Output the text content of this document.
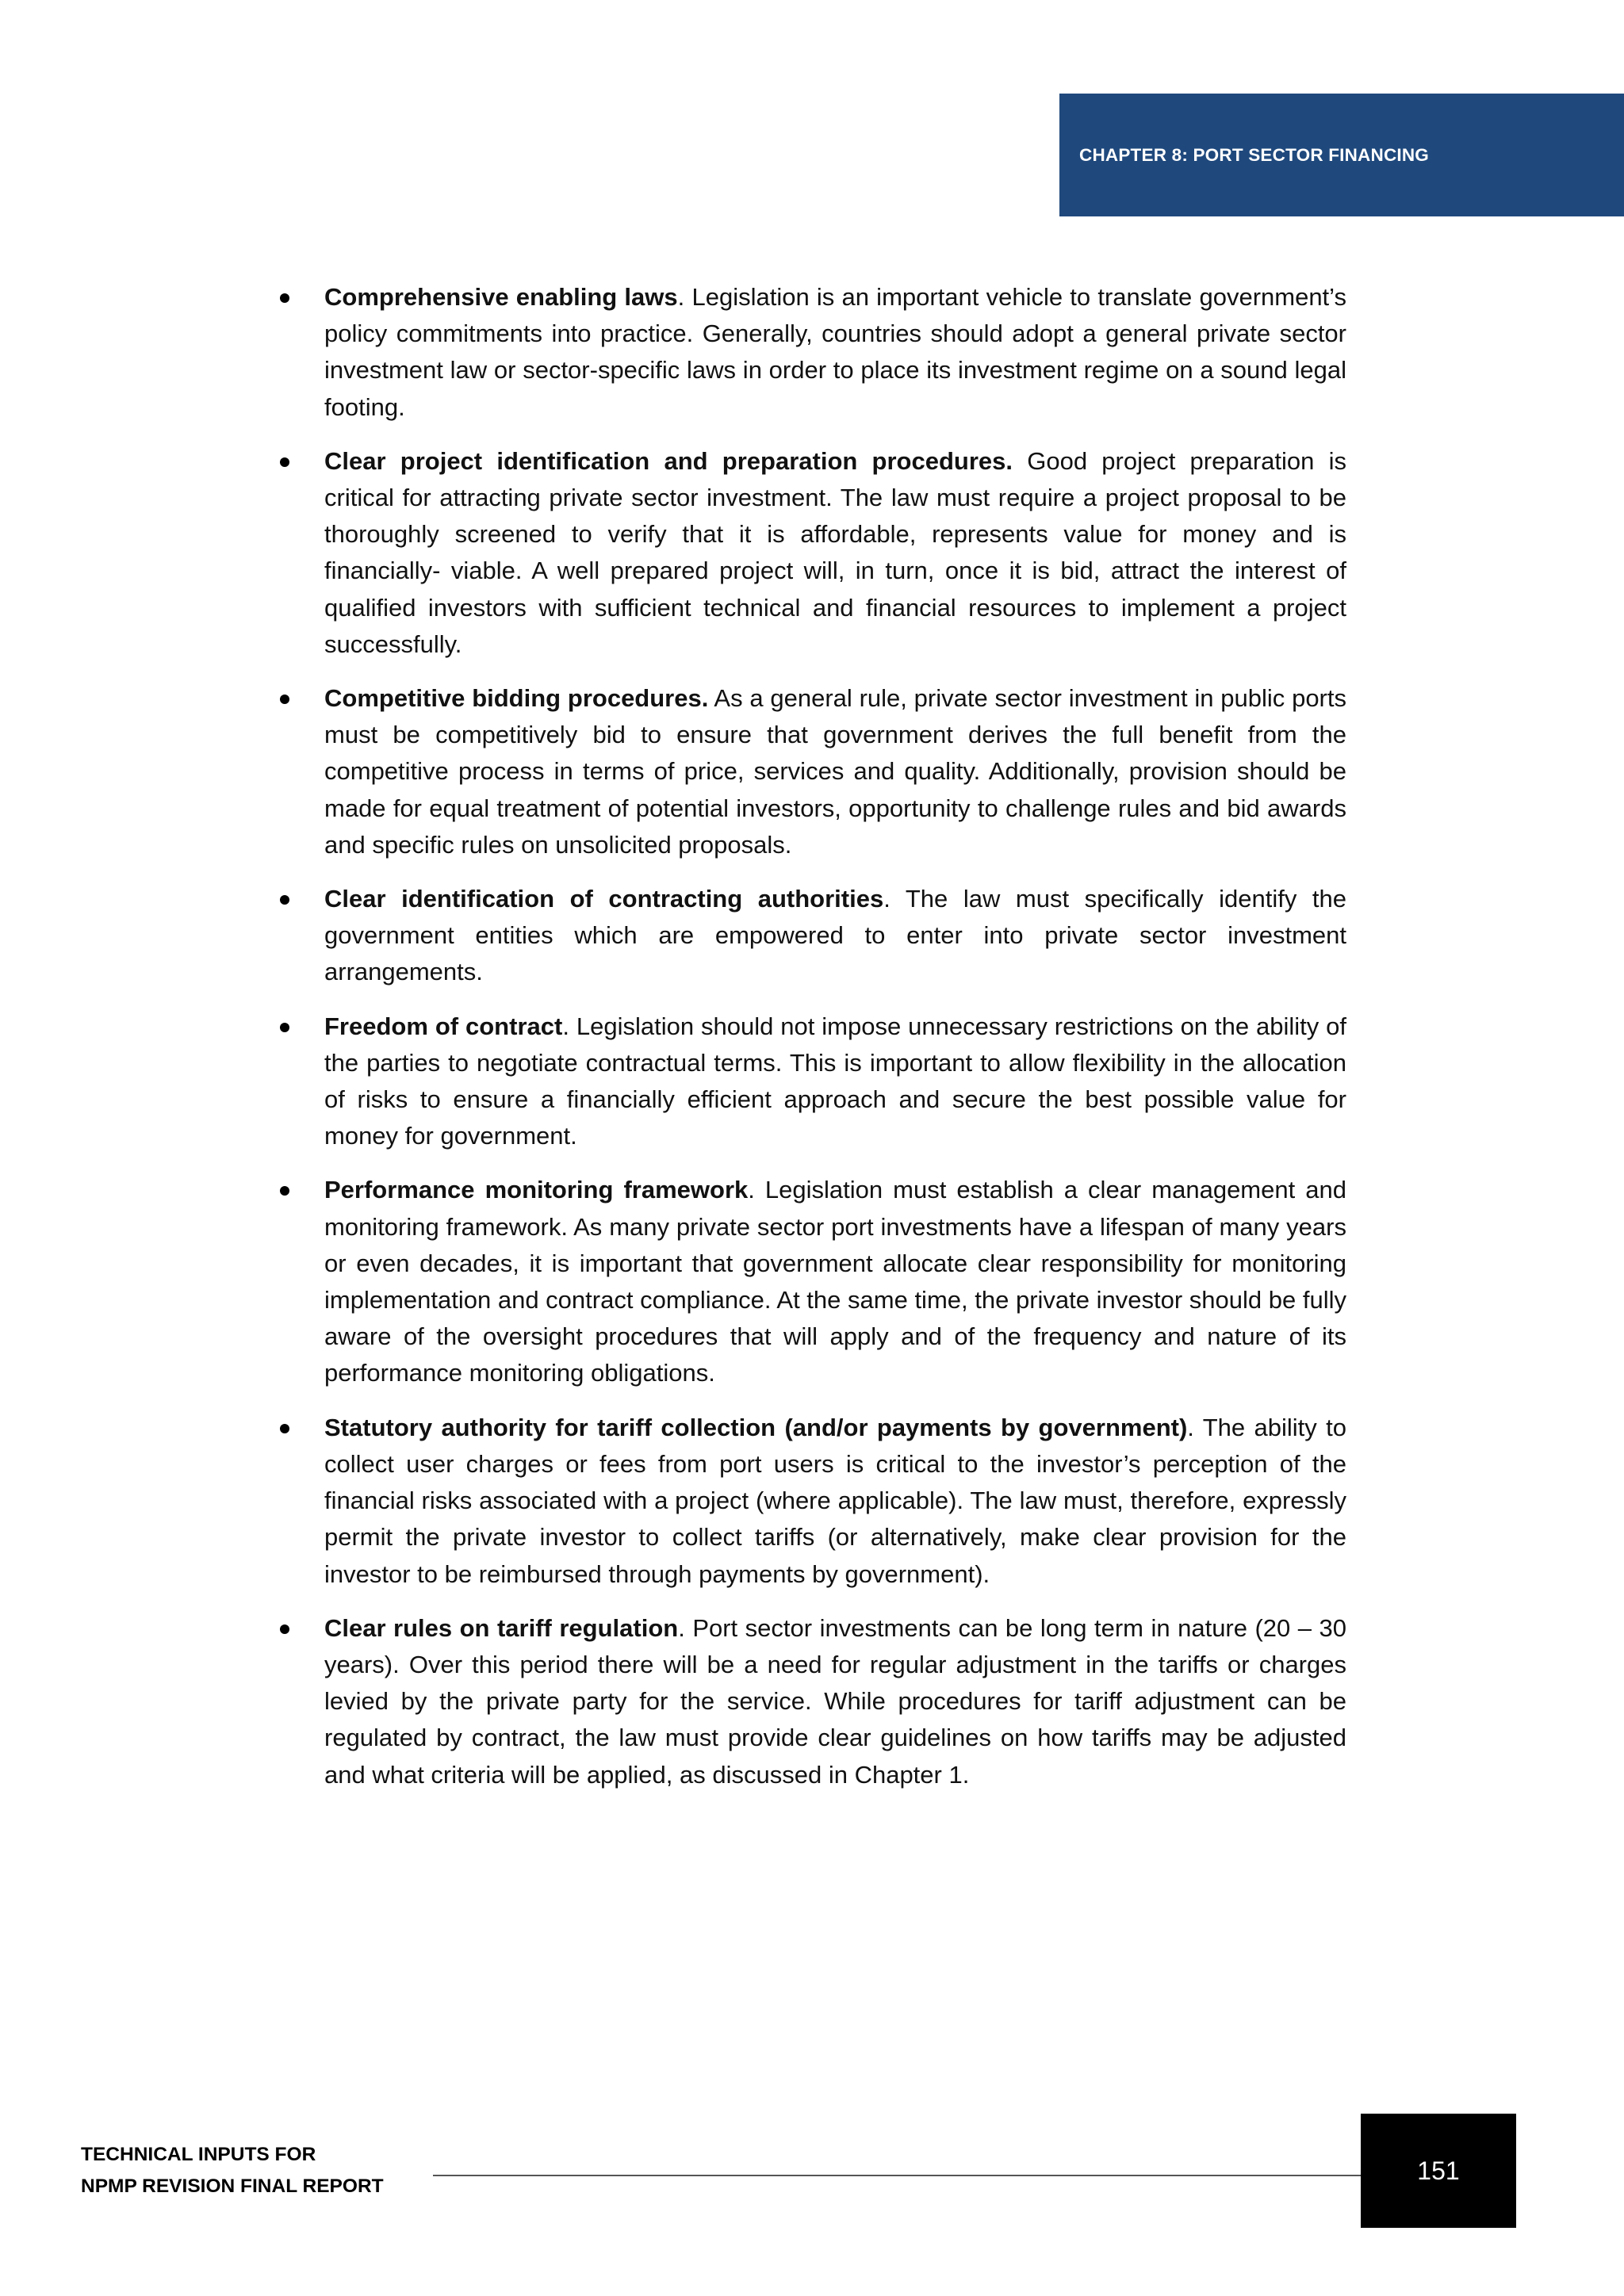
CHAPTER 8: PORT SECTOR FINANCING
Comprehensive enabling laws. Legislation is an important vehicle to translate government’s policy commitments into practice. Generally, countries should adopt a general private sector investment law or sector-specific laws in order to place its investment regime on a sound legal footing.
Clear project identification and preparation procedures. Good project preparation is critical for attracting private sector investment. The law must require a project proposal to be thoroughly screened to verify that it is affordable, represents value for money and is financially- viable. A well prepared project will, in turn, once it is bid, attract the interest of qualified investors with sufficient technical and financial resources to implement a project successfully.
Competitive bidding procedures. As a general rule, private sector investment in public ports must be competitively bid to ensure that government derives the full benefit from the competitive process in terms of price, services and quality. Additionally, provision should be made for equal treatment of potential investors, opportunity to challenge rules and bid awards and specific rules on unsolicited proposals.
Clear identification of contracting authorities. The law must specifically identify the government entities which are empowered to enter into private sector investment arrangements.
Freedom of contract. Legislation should not impose unnecessary restrictions on the ability of the parties to negotiate contractual terms. This is important to allow flexibility in the allocation of risks to ensure a financially efficient approach and secure the best possible value for money for government.
Performance monitoring framework. Legislation must establish a clear management and monitoring framework. As many private sector port investments have a lifespan of many years or even decades, it is important that government allocate clear responsibility for monitoring implementation and contract compliance. At the same time, the private investor should be fully aware of the oversight procedures that will apply and of the frequency and nature of its performance monitoring obligations.
Statutory authority for tariff collection (and/or payments by government). The ability to collect user charges or fees from port users is critical to the investor’s perception of the financial risks associated with a project (where applicable). The law must, therefore, expressly permit the private investor to collect tariffs (or alternatively, make clear provision for the investor to be reimbursed through payments by government).
Clear rules on tariff regulation. Port sector investments can be long term in nature (20 – 30 years). Over this period there will be a need for regular adjustment in the tariffs or charges levied by the private party for the service. While procedures for tariff adjustment can be regulated by contract, the law must provide clear guidelines on how tariffs may be adjusted and what criteria will be applied, as discussed in Chapter 1.
TECHNICAL INPUTS FOR
NPMP REVISION FINAL REPORT
151
